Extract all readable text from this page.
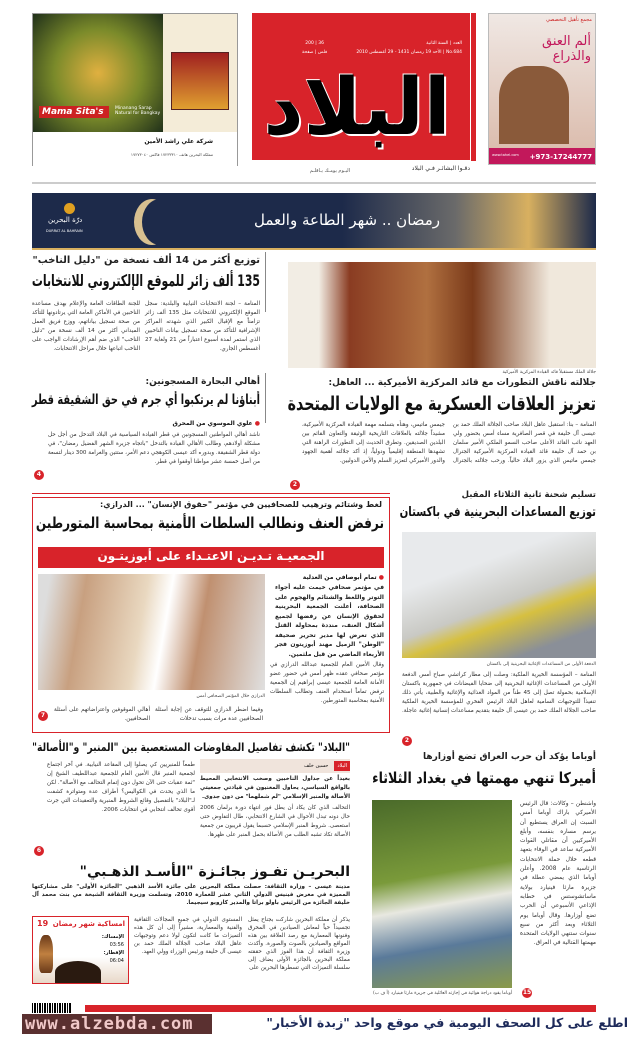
Mama Sita's	Minanang Sarap Natural for Bangkay
شركة علي راشد الأمين
مملكة البحرين هاتف ١٧٢٣٣٣١٠ فاكس ١٧٢٧٣٠٤٠
العدد | السنة الثانية
No.684 | الأحد 19 رمضان 1431 - 29 أغسطس 2010
200 | 36
فلس | صفحة
البلاد
دقـوا البشائـر فـي البلاد
اليـوم يومـك يـاقلـم
مجمع تأهيل التخصصي
ألم العنق والذراع
www.tahel.com +973-17244777
رمضان .. شهر الطاعة والعمل
درّة البحرين
DURRAT AL BAHRAIN
جلالة الملك مستقبلاً قائد القيادة المركزية الأميركية
جلالته ناقش التطورات مع قائد المركزية الأميركية ... العاهل:
تعزيز العلاقات العسكرية مع الولايات المتحدة
المنامة – بنا: استقبل عاهل البلاد صاحب الجلالة الملك حمد بن عيسى آل خليفة في قصر الصافرية مساء أمس بحضور ولي العهد نائب القائد الأعلى صاحب السمو الملكي الأمير سلمان بن حمد آل خليفة قائد القيادة المركزية الأميركية الجنرال جيمس ماتيس الذي يزور البلاد حالياً. ورحب جلالته بالجنرال جيمس ماتيس، وهنأه بتسلمه مهمة القيادة المركزية الأميركية، مشيداً جلالته بالعلاقات التاريخية الوثيقة والتعاون القائم بين البلدين الصديقين. وتطرق الحديث إلى التطورات الراهنة التي تشهدها المنطقة إقليمياً ودولياً، إذ أكد جلالته أهمية الجهود والدور الأميركي لتعزيز السلم والأمن الدوليين.
2
توزيع أكثر من 14 ألف نسخة من "دليل الناخب"
135 ألف زائر للموقع الإلكتروني للانتخابات
المنامة – لجنة الانتخابات النيابية والبلدية: سجل الموقع الإلكتروني للانتخابات مثل 135 ألف زائر تزامناً مع الإقبال الكبير الذي شهدته المراكز الإشرافية للتأكد من صحة تسجيل بيانات الناخبين الذي استمر لمدة أسبوع اعتباراً من 21 ولغاية 27 أغسطس الجاري.
للجنة الطاقات العامة والإعلام بهدف مساعدة الناخبين في الأماكن العامة التي يرتادونها للتأكد من صحة تسجيل بياناتهم، ووزع فريق العمل الميداني أكثر من 14 ألف نسخة من "دليل الناخب" الذي ضم أهم الإرشادات الواجب على الناخب اتباعها خلال مراحل الانتخابات.
أهالي البحارة المسجونين:
أبناؤنا لم يرتكبوا أي جرم في حق الشقيقة قطر
● علوي الموسوي من المحرق
ناشد أهالي المواطنين المسجونين في قطر القيادة السياسية في البلاد التدخل من أجل حل مشكلة أولادهم، وطالب الأهالي القيادة بالتدخل "باتجاه جزيرة الشهر الفضيل رمضان"، في دولة قطر الشقيقة. وبدوره أكد عيسى الكوهجي دعم الأمر، ستتين والغرامة 300 دينار لتسعة من أصل خمسة عشر مواطنا أوقفوا في قطر.
4
لغط وشتائم وترهيب للصحافيين في مؤتمر "حقوق الإنسان" ... الدرازي:
نرفض العنف ونطالب السلطات الأمنية بمحاسبة المتورطين
الجمعيـة تـديـن الاعتـداء على أبوزيتـون
الدرازي خلال المؤتمر الصحافي أمس
● تمام أبوصافي من العدلية
في مؤتمر صحافي خيمت عليه أجواء التوتر واللغط والشتائم والهجوم على الصحافة، أعلنت الجمعية البحرينية لحقوق الإنسان عن رفضها لجميع أشكال العنف، منددة بمحاولة القتل الذي تعرض لها مدير تحرير صحيفة "الوطن" الزميل مهند أبوزيتون فجر الأربعاء الماضي من قبل ملثمين.
وقال الأمين العام للجمعية عبدالله الدرازي في مؤتمر صحافي عقده ظهر أمس في حضور عضو الأمانة العامة للجمعية عيسى إبراهيم إن الجمعية ترفض تماماً استخدام العنف وتطالب السلطات الأمنية بمحاسبة المتورطين.
وفيما اضطر الدرازي للتوقف عن إجابة أسئلة الصحافيين عدة مرات بسبب تدخلات
أهالي الموقوفين واعتراضاتهم على أسئلة الصحافيين.
7
تسليم شحنة ثانية الثلاثاء المقبل
توزيع المساعدات البحرينية في باكستان
الدفعة الأولى من المساعدات الإغاثية البحرينية إلى باكستان
المنامة – المؤسسة الخيرية الملكية: وصلت إلى مطار كراتشي صباح أمس الدفعة الأولى من المساعدات الإغاثية البحرينية إلى ضحايا الفيضانات في جمهورية باكستان الإسلامية بحمولة تصل إلى 45 طناً من المواد الغذائية والإغاثية والطبية، يأتي ذلك تنفيذاً للتوجيهات السامية لعاهل البلاد الرئيس الفخري للمؤسسة الخيرية الملكية صاحب الجلالة الملك حمد بن عيسى آل خليفة بتقديم مساعدات إنسانية إغاثية عاجلة.
2
"البلاد" تكشف تفاصيل المفاوضات المستعصية بين "المنبر" و"الأصالة"
البلاد
حسين خلف
بعيداً عن جداول الناخبين وصخب الانتخابي المحيط بالواقع السياسي، يحاول المعنيون في قيادتي جمعيتي الأصالة والمنبر الإسلامي "لم شملهما" من دون جدوى.
التحالف الذي كان يكاد أن يطل فور انتهاء دورة برلمان 2006 حال دونه تبدل الأحوال في الشارع الانتخابي، طال التفاوض حتى استعصى. شروط المنبر الإسلامي حسبما يقول قريبون من جمعية الأصالة تكاد تشبه الطلب من الأصالة بحمل المنبر على ظهرها.
طمعاً للمنبريين كي يصلوا إلى المقاعد النيابية. في آخر اجتماع لجمعية المنبر قال الأمين العام للجمعية عبداللطيف الشيخ إن "ثمة عقبات حتى الآن تحول دون إتمام التحالف مع الأصالة". لكن ما الذي يحدث في الكواليس؟ أطراف عدة ومتواترة كشفت لـ"البلاد" بالتفصيل وقائع الشروط المنبرية والتعقيدات التي جرت أقوى تحالف انتخابي في انتخابات 2006.
6
أوباما يؤكد أن حرب العراق تضع أوزارها
أميركا تنهي مهمتها في بغداد الثلاثاء
أوباما يقود دراجة هوائية في إجازته العائلية في جزيرة مارثا فينيارد (أ ف ب)
واشنطن – وكالات: قال الرئيس الأميركي باراك أوباما أمس السبت إن العراق يستطيع أن يرسم مساره بنفسه، وأبلغ الأميركيين أن مقاتلي القوات الأميركية ساعد في الوفاء بتعهد قطعه خلال حملة الانتخابات الرئاسية عام 2008. وأعلن أوباما الذي يمضي عطلة في جزيرة مارثا فينيارد بولاية ماساتشوستس في خطابه الإذاعي الأسبوعي أن الحرب تضع أوزارها. وقال أوباما يوم الثلاثاء وبعد أكثر من سبع سنوات ستنهي الولايات المتحدة مهمتها القتالية في العراق.
15
البحريـن تفـوز بجائـزة "الأسـد الذهـبي"
مدينة عيسى – وزارة الثقافة: حصلت مملكة البحرين على جائزة الأسد الذهبي "الجائزة الأولى" على مشاركتها المميزة في معرض فينيس الدولي الثاني عشر للعمارة 2010، وتسلمت وزيرة الثقافة الشيخة مي بنت محمد آل خليفة الجائزة من الرئيس باولو براتا والمدير كازوبو سيجيما.
يذكر أن مملكة البحرين شاركت بجناح يمثل تجسيداً حياً لمعاش الصيادين في المحرق وفنونها المعمارية مع رصد العلاقة بين هذه المواقع والصيادين بالصوت والصورة. وأكدت وزيرة الثقافة أن هذا الفوز الذي حققته مملكة البحرين بالجائزة الأولى يضاف إلى سلسلة التميزات التي تسطرها البحرين على
المستوى الدولي في جميع المجالات الثقافية والفنية والمعمارية، مشيراً إلى أن كل هذه التميزات ما كانت لتكون لولا دعم وتوجيهات عاهل البلاد صاحب الجلالة الملك حمد بن عيسى آل خليفة ورئيس الوزراء وولي العهد.
امساكية شهر رمضان
19
الإمساك:
03:56
الإفطار:
06:04
www.alzebda.com	اطلع على كل الصحف اليومية في موقع واحد "زبدة الأخبار"
